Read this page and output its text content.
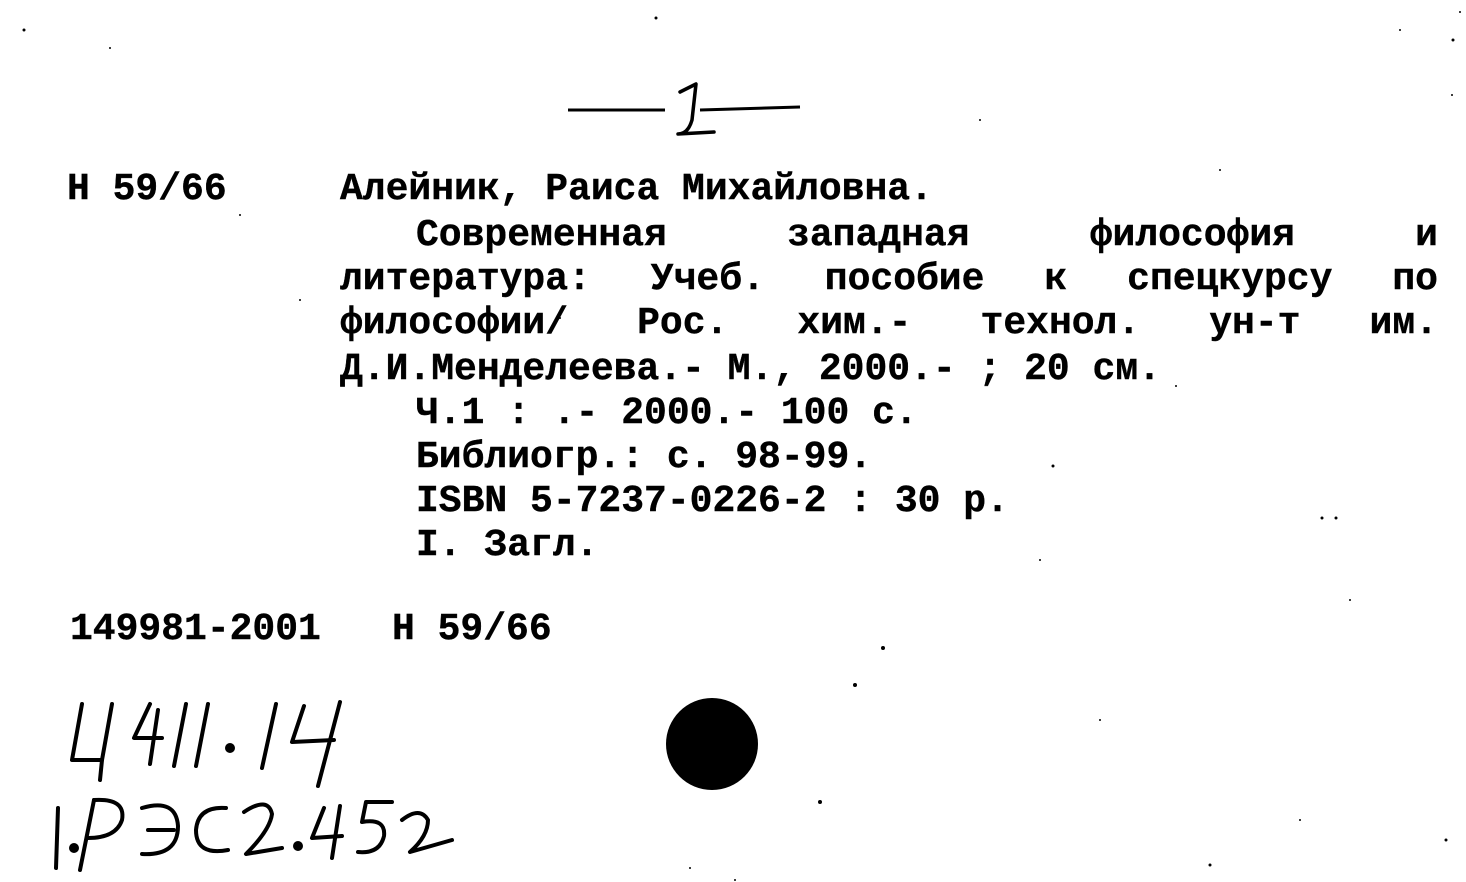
Н 59/66	Алейник, Раиса Михайловна.
Современная	западная	философия	и
литература: Учеб. пособие к спецкурсу по
философии/ Рос. хим.- технол. ун-т им.
Д.И.Менделеева.- М., 2000.- ; 20 см.
Ч.1 : .- 2000.- 100 с.
Библиогр.: с. 98-99.
ISBN 5-7237-0226-2 : 30 р.
I. Загл.
149981-2001 Н 59/66
